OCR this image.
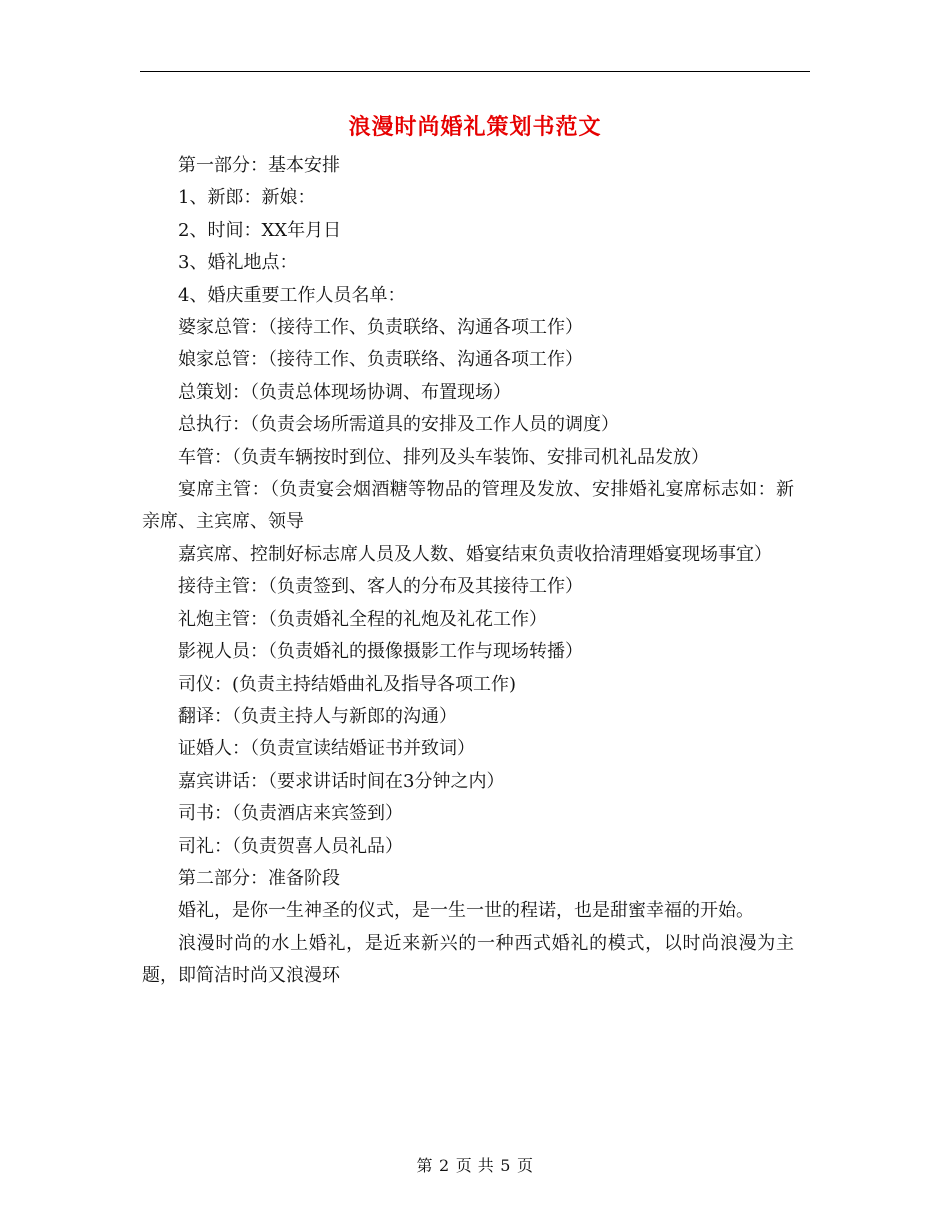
浪漫时尚婚礼策划书范文

第一部分：基本安排

1、新郎：新娘：

2、时间：XX年月日

3、婚礼地点：

4、婚庆重要工作人员名单：

婆家总管：（接待工作、负责联络、沟通各项工作）

娘家总管：（接待工作、负责联络、沟通各项工作）

总策划：（负责总体现场协调、布置现场）

总执行：（负责会场所需道具的安排及工作人员的调度）

车管：（负责车辆按时到位、排列及头车装饰、安排司机礼品发放）

宴席主管：（负责宴会烟酒糖等物品的管理及发放、安排婚礼宴席标志如：新亲席、主宾席、领导

嘉宾席、控制好标志席人员及人数、婚宴结束负责收拾清理婚宴现场事宜）

接待主管：（负责签到、客人的分布及其接待工作）

礼炮主管：（负责婚礼全程的礼炮及礼花工作）

影视人员：（负责婚礼的摄像摄影工作与现场转播）

司仪：(负责主持结婚曲礼及指导各项工作)

翻译：（负责主持人与新郎的沟通）

证婚人：（负责宣读结婚证书并致词）

嘉宾讲话：（要求讲话时间在3分钟之内）

司书：（负责酒店来宾签到）

司礼：（负责贺喜人员礼品）

第二部分：准备阶段

婚礼，是你一生神圣的仪式，是一生一世的程诺，也是甜蜜幸福的开始。

浪漫时尚的水上婚礼，是近来新兴的一种西式婚礼的模式，以时尚浪漫为主题，即简洁时尚又浪漫环

第 2 页 共 5 页
